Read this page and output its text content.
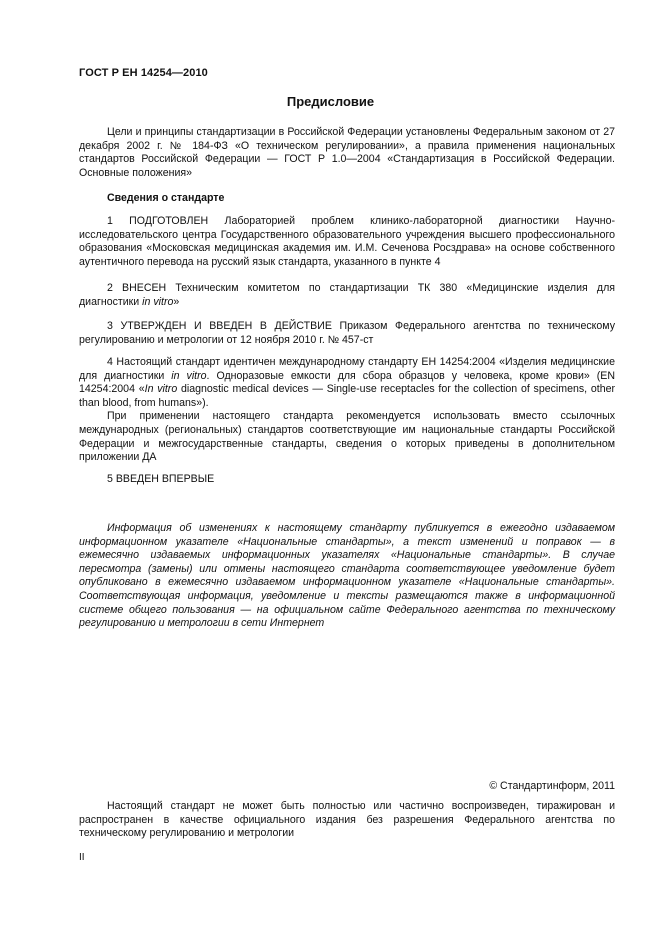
ГОСТ Р ЕН 14254—2010
Предисловие

Цели и принципы стандартизации в Российской Федерации установлены Федеральным законом от 27 декабря 2002 г. № 184-ФЗ «О техническом регулировании», а правила применения национальных стандартов Российской Федерации — ГОСТ Р 1.0—2004 «Стандартизация в Российской Федерации. Основные положения»

Сведения о стандарте

1 ПОДГОТОВЛЕН Лабораторией проблем клинико-лабораторной диагностики Научно-исследовательского центра Государственного образовательного учреждения высшего профессионального образования «Московская медицинская академия им. И.М. Сеченова Росздрава» на основе собственного аутентичного перевода на русский язык стандарта, указанного в пункте 4

2 ВНЕСЕН Техническим комитетом по стандартизации ТК 380 «Медицинские изделия для диагностики in vitro»

3 УТВЕРЖДЕН И ВВЕДЕН В ДЕЙСТВИЕ Приказом Федерального агентства по техническому регулированию и метрологии от 12 ноября 2010 г. № 457-ст

4 Настоящий стандарт идентичен международному стандарту ЕН 14254:2004 «Изделия медицинские для диагностики in vitro. Одноразовые емкости для сбора образцов у человека, кроме крови» (EN 14254:2004 «In vitro diagnostic medical devices — Single-use receptacles for the collection of specimens, other than blood, from humans»).

При применении настоящего стандарта рекомендуется использовать вместо ссылочных международных (региональных) стандартов соответствующие им национальные стандарты Российской Федерации и межгосударственные стандарты, сведения о которых приведены в дополнительном приложении ДА

5 ВВЕДЕН ВПЕРВЫЕ

Информация об изменениях к настоящему стандарту публикуется в ежегодно издаваемом информационном указателе «Национальные стандарты», а текст изменений и поправок — в ежемесячно издаваемых информационных указателях «Национальные стандарты». В случае пересмотра (замены) или отмены настоящего стандарта соответствующее уведомление будет опубликовано в ежемесячно издаваемом информационном указателе «Национальные стандарты». Соответствующая информация, уведомление и тексты размещаются также в информационной системе общего пользования — на официальном сайте Федерального агентства по техническому регулированию и метрологии в сети Интернет

© Стандартинформ, 2011

Настоящий стандарт не может быть полностью или частично воспроизведен, тиражирован и распространен в качестве официального издания без разрешения Федерального агентства по техническому регулированию и метрологии

II
